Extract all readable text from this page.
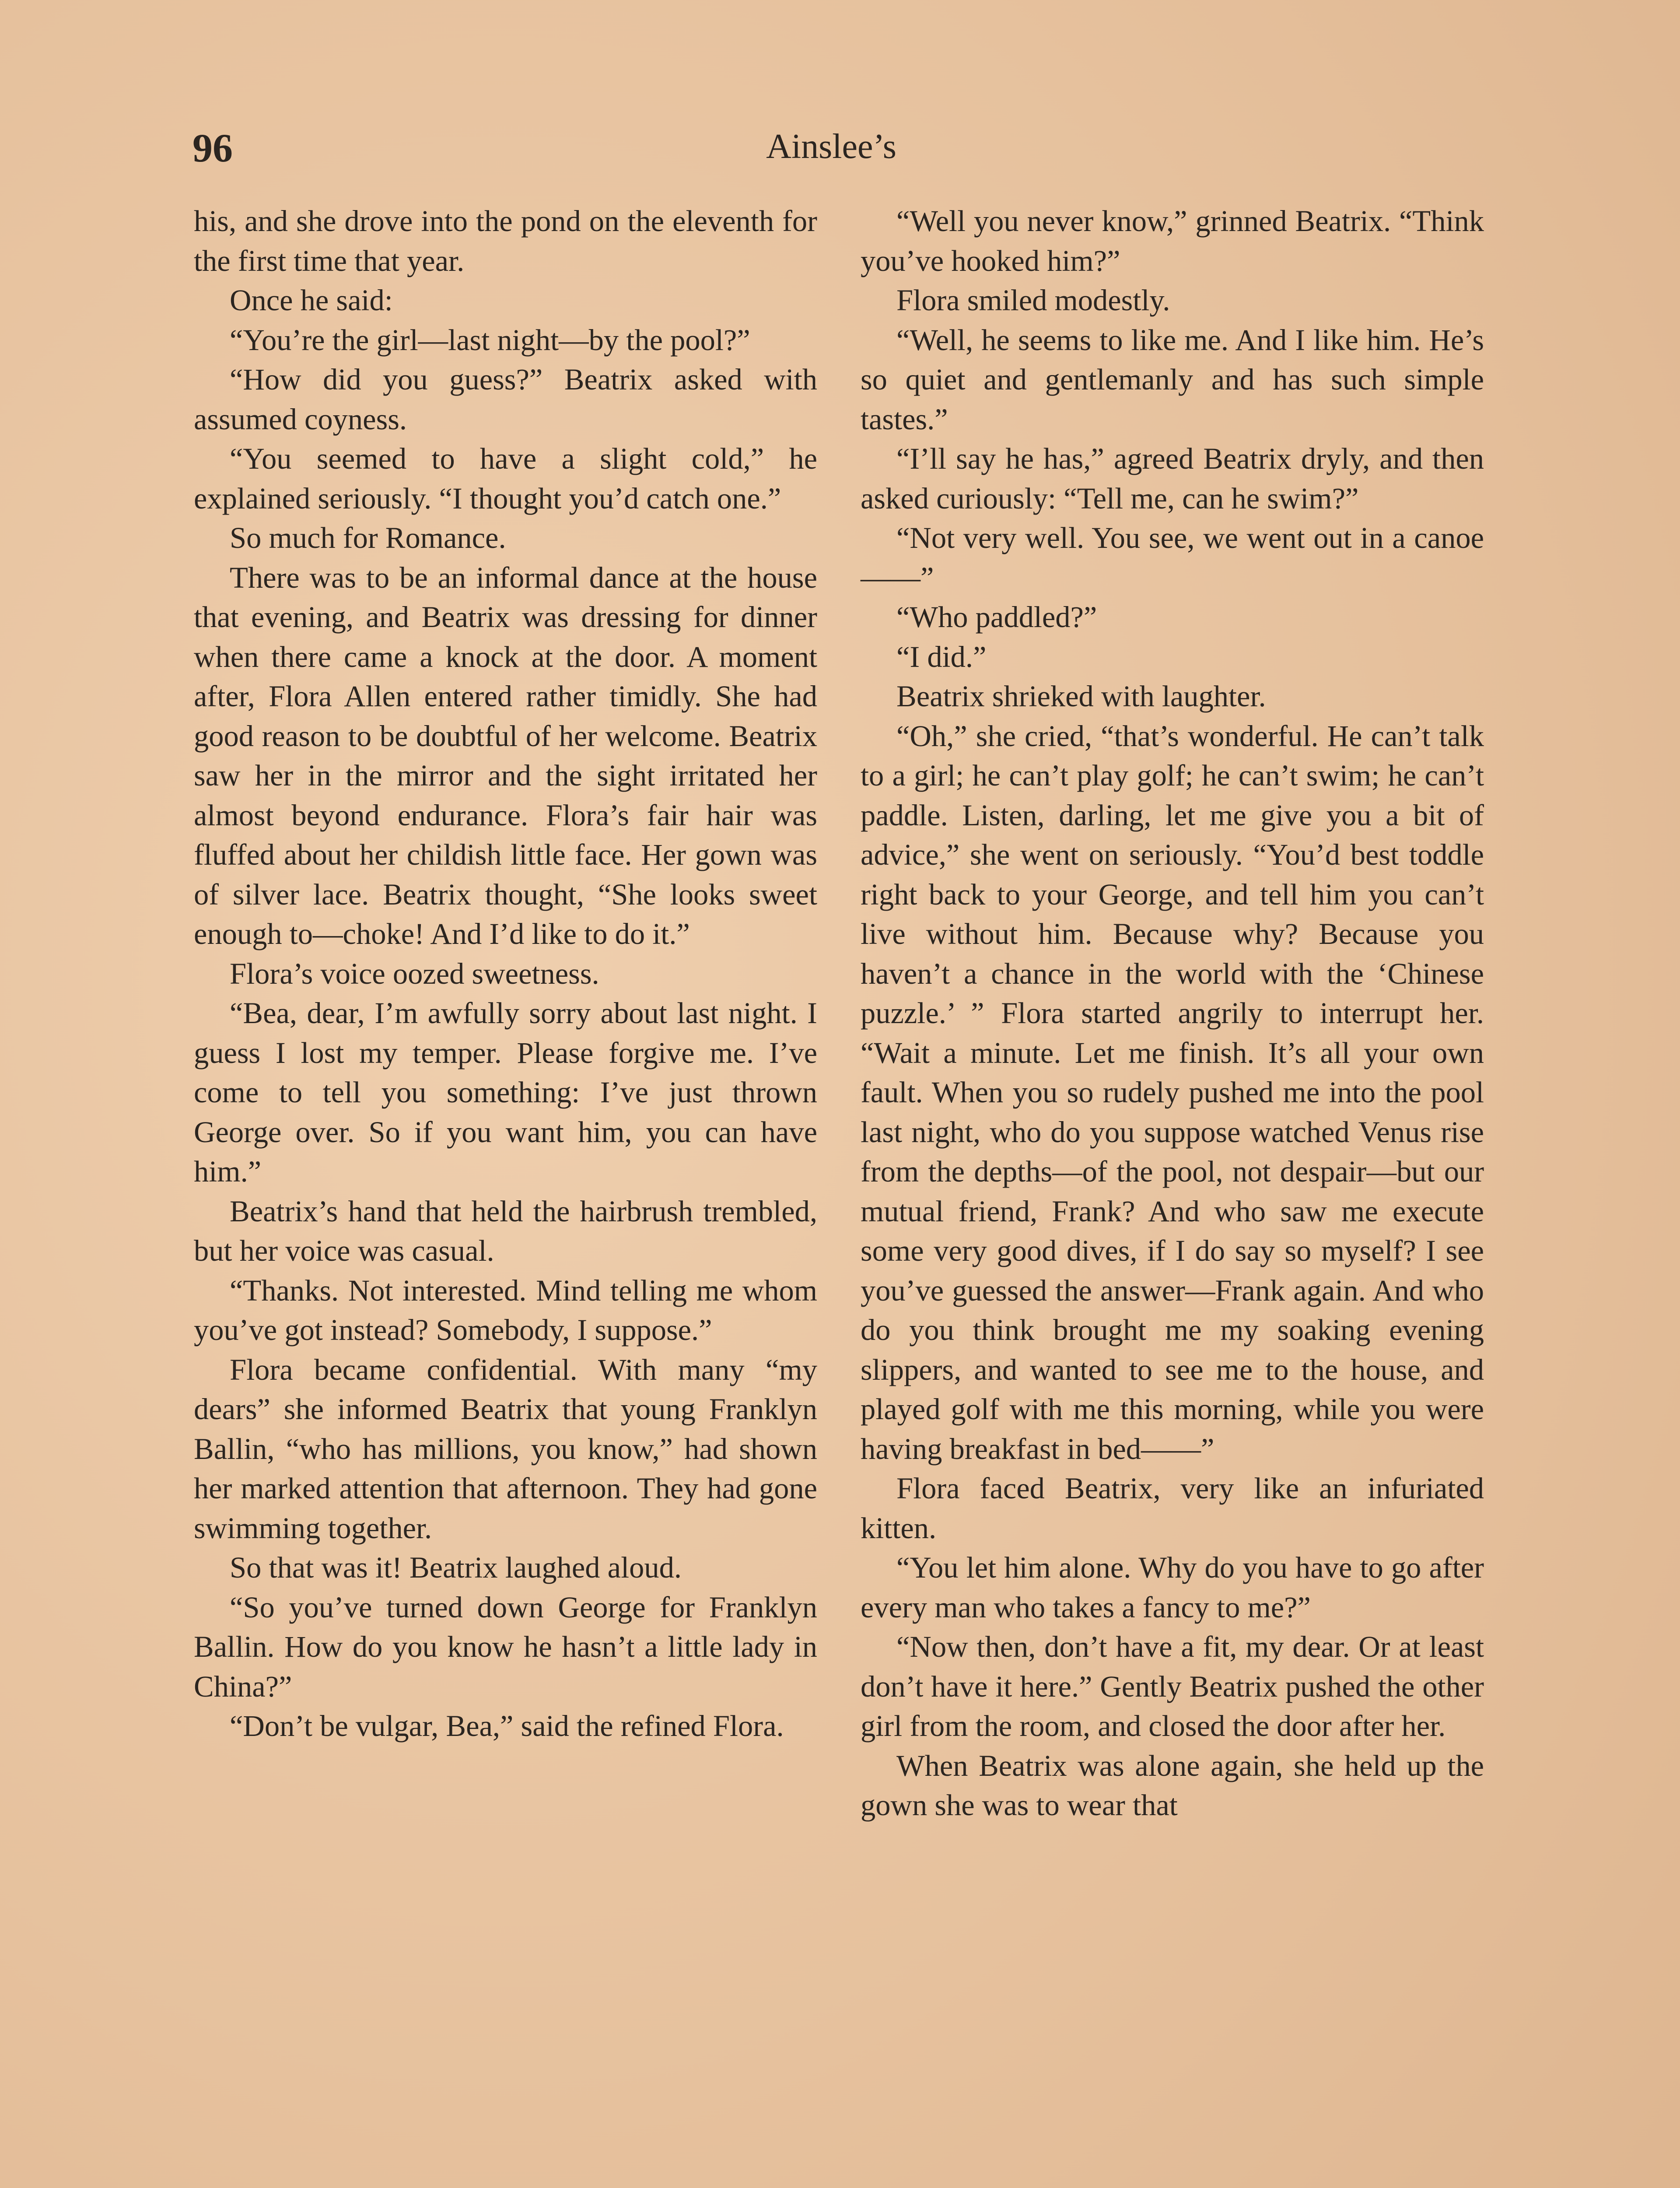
96	Ainslee’s

his, and she drove into the pond on the eleventh for the first time that year.

Once he said:

“You’re the girl—last night—by the pool?”

“How did you guess?” Beatrix asked with assumed coyness.

“You seemed to have a slight cold,” he explained seriously. “I thought you’d catch one.”

So much for Romance.

There was to be an informal dance at the house that evening, and Beatrix was dressing for dinner when there came a knock at the door. A moment after, Flora Allen entered rather timidly. She had good reason to be doubtful of her welcome. Beatrix saw her in the mirror and the sight irritated her almost beyond endurance. Flora’s fair hair was fluffed about her childish little face. Her gown was of silver lace. Beatrix thought, “She looks sweet enough to—choke! And I’d like to do it.”

Flora’s voice oozed sweetness.

“Bea, dear, I’m awfully sorry about last night. I guess I lost my temper. Please forgive me. I’ve come to tell you something: I’ve just thrown George over. So if you want him, you can have him.”

Beatrix’s hand that held the hairbrush trembled, but her voice was casual.

“Thanks. Not interested. Mind telling me whom you’ve got instead? Somebody, I suppose.”

Flora became confidential. With many “my dears” she informed Beatrix that young Franklyn Ballin, “who has millions, you know,” had shown her marked attention that afternoon. They had gone swimming together.

So that was it! Beatrix laughed aloud.

“So you’ve turned down George for Franklyn Ballin. How do you know he hasn’t a little lady in China?”

“Don’t be vulgar, Bea,” said the refined Flora.

“Well you never know,” grinned Beatrix. “Think you’ve hooked him?”

Flora smiled modestly.

“Well, he seems to like me. And I like him. He’s so quiet and gentlemanly and has such simple tastes.”

“I’ll say he has,” agreed Beatrix dryly, and then asked curiously: “Tell me, can he swim?”

“Not very well. You see, we went out in a canoe——”

“Who paddled?”

“I did.”

Beatrix shrieked with laughter.

“Oh,” she cried, “that’s wonderful. He can’t talk to a girl; he can’t play golf; he can’t swim; he can’t paddle. Listen, darling, let me give you a bit of advice,” she went on seriously. “You’d best toddle right back to your George, and tell him you can’t live without him. Because why? Because you haven’t a chance in the world with the ‘Chinese puzzle.’ ” Flora started angrily to interrupt her. “Wait a minute. Let me finish. It’s all your own fault. When you so rudely pushed me into the pool last night, who do you suppose watched Venus rise from the depths—of the pool, not despair—but our mutual friend, Frank? And who saw me execute some very good dives, if I do say so myself? I see you’ve guessed the answer—Frank again. And who do you think brought me my soaking evening slippers, and wanted to see me to the house, and played golf with me this morning, while you were having breakfast in bed——”

Flora faced Beatrix, very like an infuriated kitten.

“You let him alone. Why do you have to go after every man who takes a fancy to me?”

“Now then, don’t have a fit, my dear. Or at least don’t have it here.” Gently Beatrix pushed the other girl from the room, and closed the door after her.

When Beatrix was alone again, she held up the gown she was to wear that
